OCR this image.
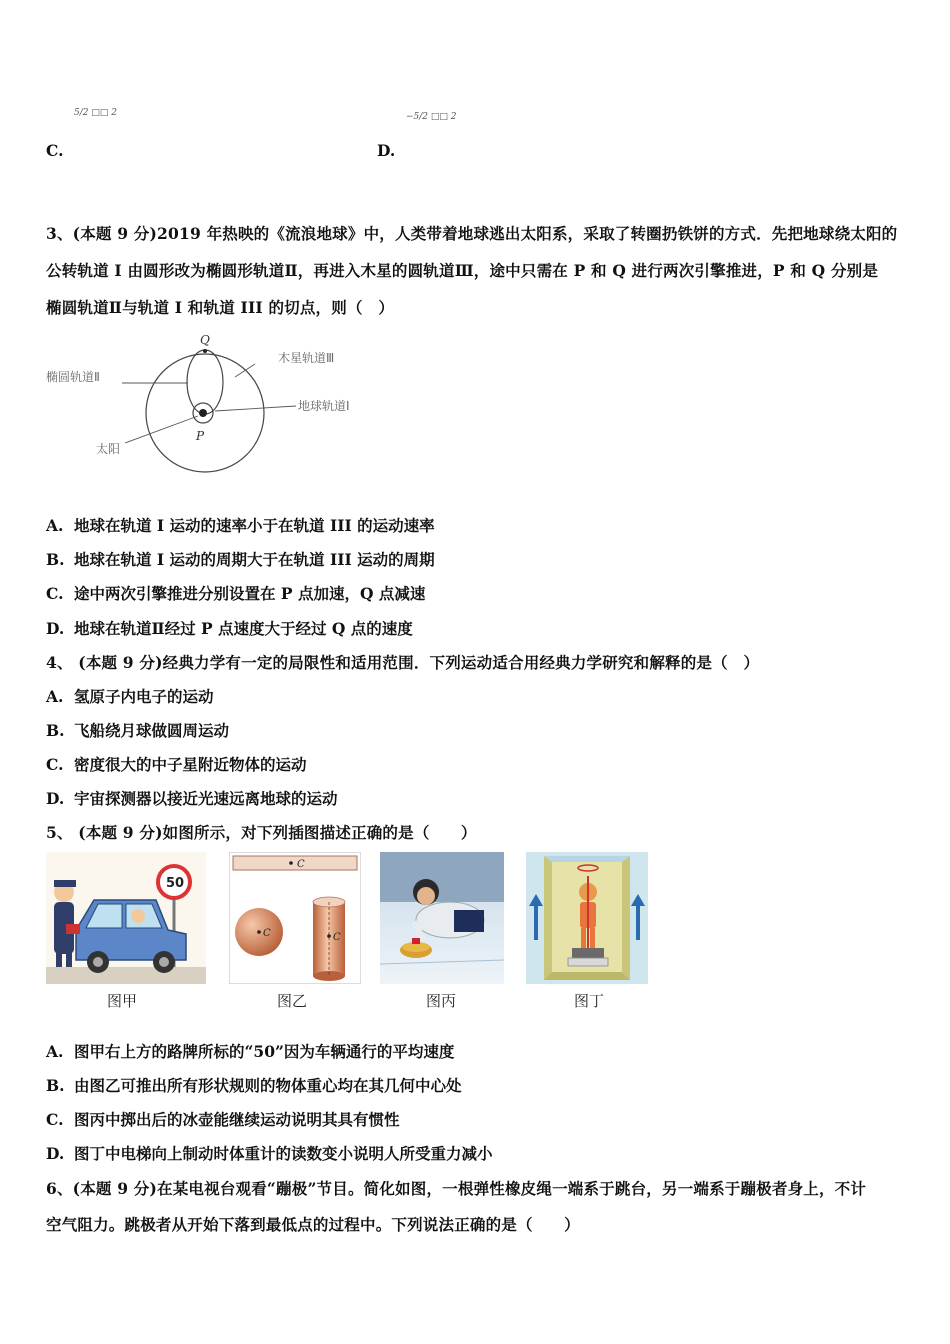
5/2 □□ 2
C.
−5/2 □□ 2
D.
3、(本题 9 分)2019 年热映的《流浪地球》中，人类带着地球逃出太阳系，采取了转圈扔铁饼的方式．先把地球绕太阳的
公转轨道 I 由圆形改为椭圆形轨道Ⅱ，再进入木星的圆轨道Ⅲ，途中只需在 P 和 Q 进行两次引擎推进，P 和 Q 分别是
椭圆轨道Ⅱ与轨道 I 和轨道 III 的切点，则（　）
Q
P
木星轨道Ⅲ
椭圆轨道Ⅱ
地球轨道Ⅰ
太阳
A. 地球在轨道 I 运动的速率小于在轨道 III 的运动速率
B. 地球在轨道 I 运动的周期大于在轨道 III 运动的周期
C. 途中两次引擎推进分别设置在 P 点加速，Q 点减速
D. 地球在轨道Ⅱ经过 P 点速度大于经过 Q 点的速度
4、 (本题 9 分)经典力学有一定的局限性和适用范围．下列运动适合用经典力学研究和解释的是（　）
A. 氢原子内电子的运动
B. 飞船绕月球做圆周运动
C. 密度很大的中子星附近物体的运动
D. 宇宙探测器以接近光速远离地球的运动
5、 (本题 9 分)如图所示，对下列插图描述正确的是（　　）
50
图甲
C
C	C
图乙	图丙	图丁
A. 图甲右上方的路牌所标的“50”因为车辆通行的平均速度
B. 由图乙可推出所有形状规则的物体重心均在其几何中心处
C. 图丙中掷出后的冰壶能继续运动说明其具有惯性
D. 图丁中电梯向上制动时体重计的读数变小说明人所受重力减小
6、(本题 9 分)在某电视台观看“蹦极”节目。简化如图，一根弹性橡皮绳一端系于跳台，另一端系于蹦极者身上，不计
空气阻力。跳极者从开始下落到最低点的过程中。下列说法正确的是（　　）
